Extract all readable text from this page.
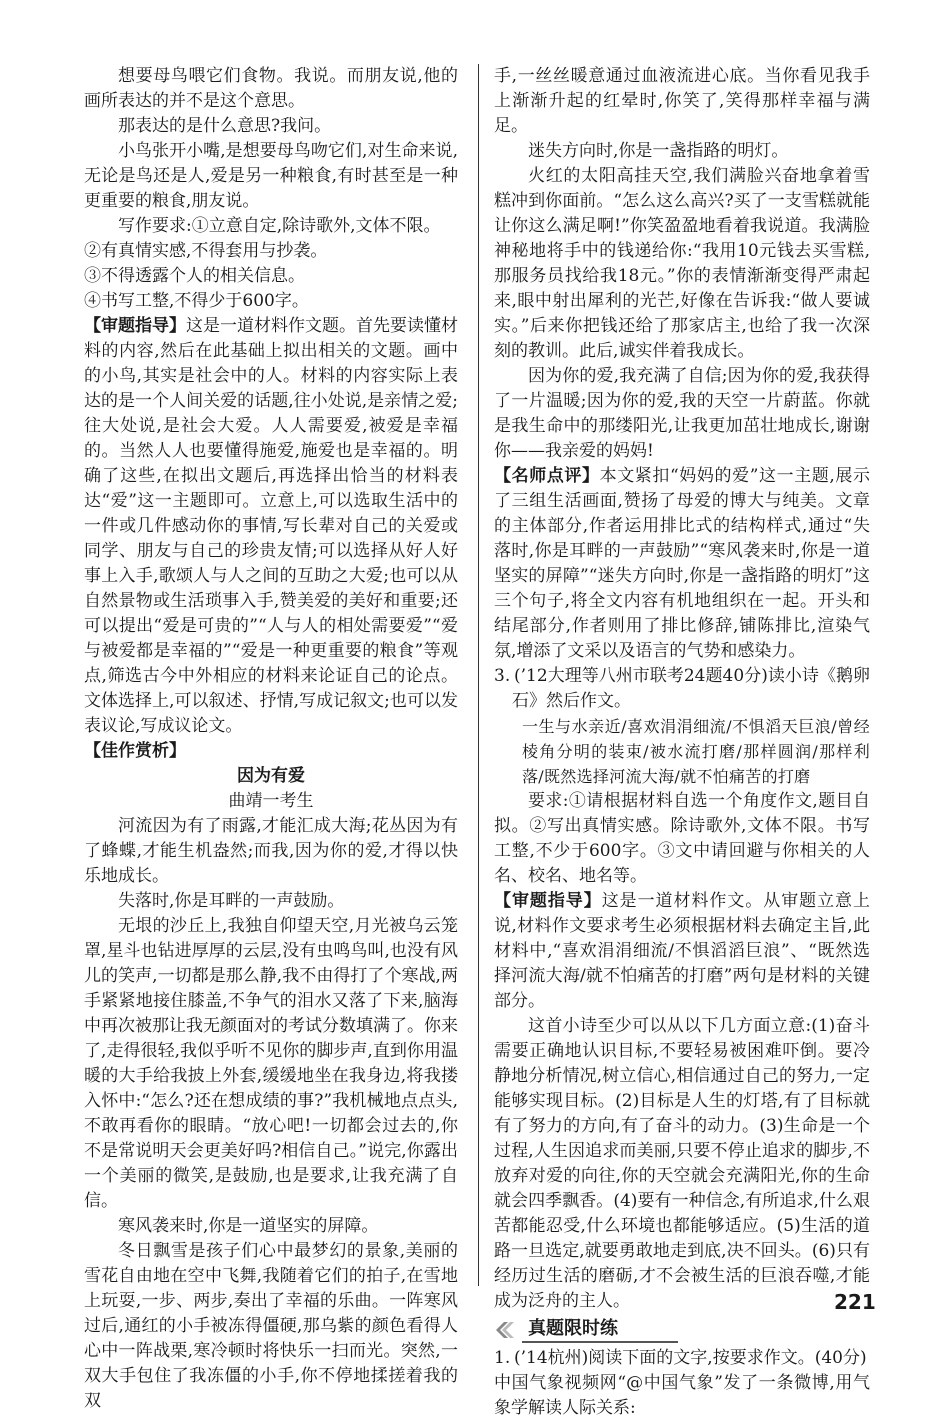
想要母鸟喂它们食物。我说。而朋友说,他的画所表达的并不是这个意思。

那表达的是什么意思?我问。

小鸟张开小嘴,是想要母鸟吻它们,对生命来说,无论是鸟还是人,爱是另一种粮食,有时甚至是一种更重要的粮食,朋友说。

写作要求:①立意自定,除诗歌外,文体不限。

②有真情实感,不得套用与抄袭。

③不得透露个人的相关信息。

④书写工整,不得少于600字。

【审题指导】这是一道材料作文题。首先要读懂材料的内容,然后在此基础上拟出相关的文题。画中的小鸟,其实是社会中的人。材料的内容实际上表达的是一个人间关爱的话题,往小处说,是亲情之爱;往大处说,是社会大爱。人人需要爱,被爱是幸福的。当然人人也要懂得施爱,施爱也是幸福的。明确了这些,在拟出文题后,再选择出恰当的材料表达“爱”这一主题即可。立意上,可以选取生活中的一件或几件感动你的事情,写长辈对自己的关爱或同学、朋友与自己的珍贵友情;可以选择从好人好事上入手,歌颂人与人之间的互助之大爱;也可以从自然景物或生活琐事入手,赞美爱的美好和重要;还可以提出“爱是可贵的”“人与人的相处需要爱”“爱与被爱都是幸福的”“爱是一种更重要的粮食”等观点,筛选古今中外相应的材料来论证自己的论点。文体选择上,可以叙述、抒情,写成记叙文;也可以发表议论,写成议论文。

【佳作赏析】

因为有爱

曲靖一考生

河流因为有了雨露,才能汇成大海;花丛因为有了蜂蝶,才能生机盎然;而我,因为你的爱,才得以快乐地成长。

失落时,你是耳畔的一声鼓励。

无垠的沙丘上,我独自仰望天空,月光被乌云笼罩,星斗也钻进厚厚的云层,没有虫鸣鸟叫,也没有风儿的笑声,一切都是那么静,我不由得打了个寒战,两手紧紧地接住膝盖,不争气的泪水又落了下来,脑海中再次被那让我无颜面对的考试分数填满了。你来了,走得很轻,我似乎听不见你的脚步声,直到你用温暖的大手给我披上外套,缓缓地坐在我身边,将我搂入怀中:“怎么?还在想成绩的事?”我机械地点点头,不敢再看你的眼睛。“放心吧!一切都会过去的,你不是常说明天会更美好吗?相信自己。”说完,你露出一个美丽的微笑,是鼓励,也是要求,让我充满了自信。

寒风袭来时,你是一道坚实的屏障。

冬日飘雪是孩子们心中最梦幻的景象,美丽的雪花自由地在空中飞舞,我随着它们的拍子,在雪地上玩耍,一步、两步,奏出了幸福的乐曲。一阵寒风过后,通红的小手被冻得僵硬,那乌紫的颜色看得人心中一阵战栗,寒冷顿时将快乐一扫而光。突然,一双大手包住了我冻僵的小手,你不停地揉搓着我的双

手,一丝丝暖意通过血液流进心底。当你看见我手上渐渐升起的红晕时,你笑了,笑得那样幸福与满足。

迷失方向时,你是一盏指路的明灯。

火红的太阳高挂天空,我们满脸兴奋地拿着雪糕冲到你面前。“怎么这么高兴?买了一支雪糕就能让你这么满足啊!”你笑盈盈地看着我说道。我满脸神秘地将手中的钱递给你:“我用10元钱去买雪糕,那服务员找给我18元。”你的表情渐渐变得严肃起来,眼中射出犀利的光芒,好像在告诉我:“做人要诚实。”后来你把钱还给了那家店主,也给了我一次深刻的教训。此后,诚实伴着我成长。

因为你的爱,我充满了自信;因为你的爱,我获得了一片温暖;因为你的爱,我的天空一片蔚蓝。你就是我生命中的那缕阳光,让我更加茁壮地成长,谢谢你——我亲爱的妈妈!

【名师点评】本文紧扣“妈妈的爱”这一主题,展示了三组生活画面,赞扬了母爱的博大与纯美。文章的主体部分,作者运用排比式的结构样式,通过“失落时,你是耳畔的一声鼓励”“寒风袭来时,你是一道坚实的屏障”“迷失方向时,你是一盏指路的明灯”这三个句子,将全文内容有机地组织在一起。开头和结尾部分,作者则用了排比修辞,铺陈排比,渲染气氛,增添了文采以及语言的气势和感染力。

3. (’12大理等八州市联考24题40分)读小诗《鹅卵石》然后作文。

一生与水亲近/喜欢涓涓细流/不惧滔天巨浪/曾经棱角分明的装束/被水流打磨/那样圆润/那样利落/既然选择河流大海/就不怕痛苦的打磨

要求:①请根据材料自选一个角度作文,题目自拟。②写出真情实感。除诗歌外,文体不限。书写工整,不少于600字。③文中请回避与你相关的人名、校名、地名等。

【审题指导】这是一道材料作文。从审题立意上说,材料作文要求考生必须根据材料去确定主旨,此材料中,“喜欢涓涓细流/不惧滔滔巨浪”、“既然选择河流大海/就不怕痛苦的打磨”两句是材料的关键部分。

这首小诗至少可以从以下几方面立意:(1)奋斗需要正确地认识目标,不要轻易被困难吓倒。要冷静地分析情况,树立信心,相信通过自己的努力,一定能够实现目标。(2)目标是人生的灯塔,有了目标就有了努力的方向,有了奋斗的动力。(3)生命是一个过程,人生因追求而美丽,只要不停止追求的脚步,不放弃对爱的向往,你的天空就会充满阳光,你的生命就会四季飘香。(4)要有一种信念,有所追求,什么艰苦都能忍受,什么环境也都能够适应。(5)生活的道路一旦选定,就要勇敢地走到底,决不回头。(6)只有经历过生活的磨砺,才不会被生活的巨浪吞噬,才能成为泛舟的主人。

真题限时练
1. (’14杭州)阅读下面的文字,按要求作文。(40分)

中国气象视频网“@中国气象”发了一条微博,用气象学解读人际关系:

221
